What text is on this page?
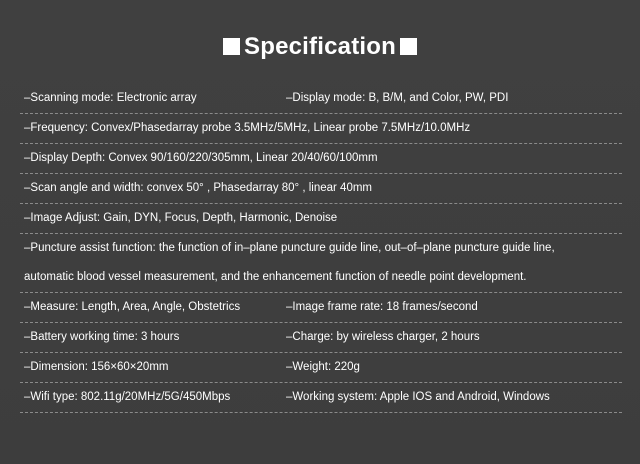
Specification
–Scanning mode: Electronic array	–Display mode: B, B/M, and Color, PW, PDI
–Frequency: Convex/Phasedarray probe 3.5MHz/5MHz, Linear probe 7.5MHz/10.0MHz
–Display Depth: Convex 90/160/220/305mm, Linear 20/40/60/100mm
–Scan angle and width: convex 50° , Phasedarray 80° , linear 40mm
–Image Adjust: Gain, DYN, Focus, Depth, Harmonic, Denoise
–Puncture assist function: the function of in–plane puncture guide line, out–of–plane puncture guide line,
automatic blood vessel measurement, and the enhancement function of needle point development.
–Measure: Length, Area, Angle, Obstetrics	–Image frame rate: 18 frames/second
–Battery working time: 3 hours	–Charge: by wireless charger, 2 hours
–Dimension: 156×60×20mm	–Weight: 220g
–Wifi type: 802.11g/20MHz/5G/450Mbps	–Working system: Apple IOS and Android, Windows
